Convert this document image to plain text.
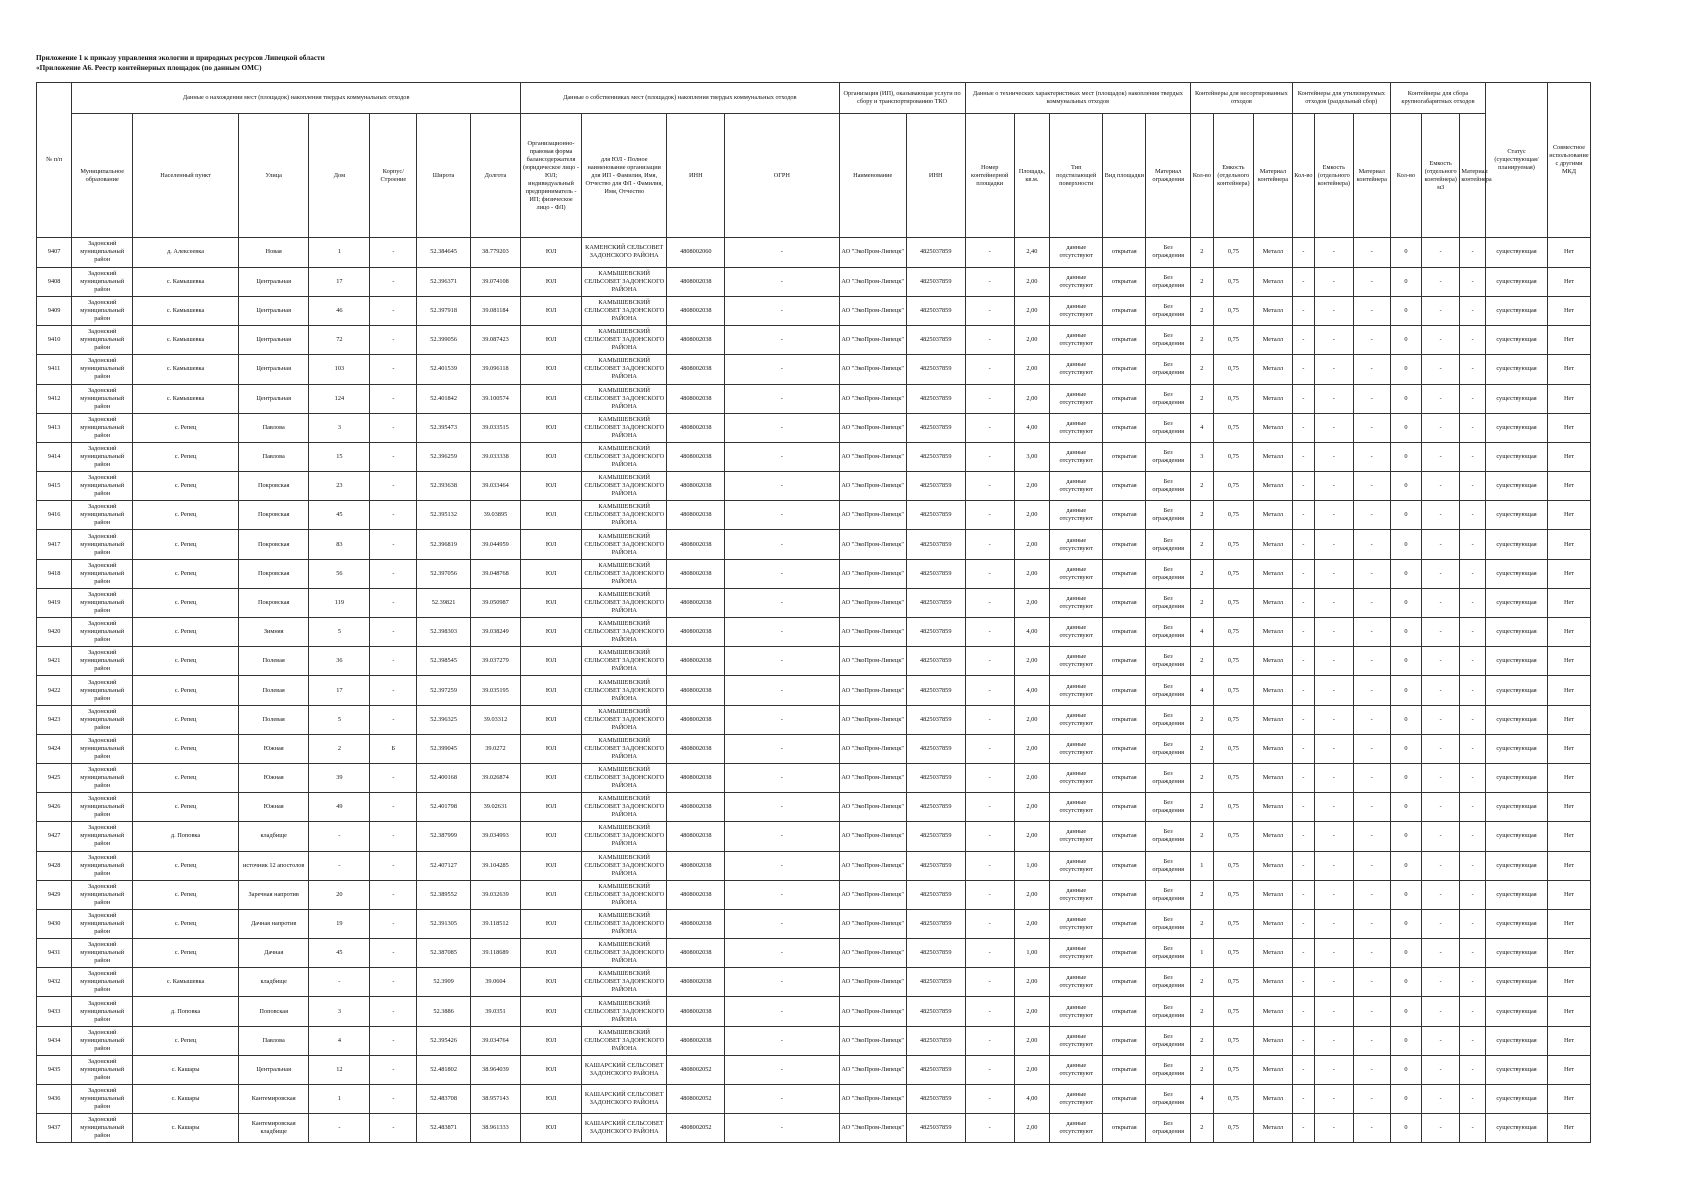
Приложение 1 к приказу управления экологии и природных ресурсов Липецкой области
«Приложение А6. Реестр контейнерных площадок (по данным ОМС)
№ п/п	Данные о нахождении мест (площадок) накопления твердых коммунальных отходов							Данные о собственниках мест (площадок) накопления твердых коммунальных отходов				Организация (ИП), оказывающая услуги по сбору и транспортированию ТКО		Данные о технических характеристиках мест (площадок) накопления твердых коммунальных отходов					Контейнеры для несортированных отходов			Контейнеры для утилизируемых отходов (раздельный сбор)			Контейнеры для сбора крупногабаритных отходов			Статус (существующая/планируемая)	Совместное использование с другими МКД
	Муниципальное образование	Населенный пункт	Улица	Дом	Корпус/Строение	Широта	Долгота	Организационно-правовая форма балансодержателя (юридическое лицо - ЮЛ; индивидуальный предприниматель - ИП; физическое лицо - ФЛ)	для ЮЛ - Полное наименование организации для ИП - Фамилия, Имя, Отчество для ФЛ - Фамилия, Имя, Отчество	ИНН	ОГРН	Наименование	ИНН	Номер контейнерной площадки	Площадь, кв.м.	Тип подстилающей поверхности	Вид площадки	Материал ограждения	Кол-во	Емкость (отдельного контейнера)	Материал контейнера	Кол-во	Емкость (отдельного контейнера)	Материал контейнера	Кол-во	Емкость (отдельного контейнера) м3	Материал контейнера		
9407	Задонский муниципальный район	д. Алексеевка	Новая	1	-	52.384645	38.779203	ЮЛ	КАМЕНСКИЙ СЕЛЬСОВЕТ ЗАДОНСКОГО РАЙОНА	4808002060	-	АО "ЭкоПром-Липецк"	4825037859	-	2,40	данные отсутствуют	открытая	Без ограждения	2	0,75	Металл	-	-	-	0	-	-	существующая	Нет
9408	Задонский муниципальный район	с. Камышевка	Центральная	17	-	52.396371	39.074108	ЮЛ	КАМЫШЕВСКИЙ СЕЛЬСОВЕТ ЗАДОНСКОГО РАЙОНА	4808002038	-	АО "ЭкоПром-Липецк"	4825037859	-	2,00	данные отсутствуют	открытая	Без ограждения	2	0,75	Металл	-	-	-	0	-	-	существующая	Нет
9409	Задонский муниципальный район	с. Камышевка	Центральная	46	-	52.397918	39.081184	ЮЛ	КАМЫШЕВСКИЙ СЕЛЬСОВЕТ ЗАДОНСКОГО РАЙОНА	4808002038	-	АО "ЭкоПром-Липецк"	4825037859	-	2,00	данные отсутствуют	открытая	Без ограждения	2	0,75	Металл	-	-	-	0	-	-	существующая	Нет
9410	Задонский муниципальный район	с. Камышевка	Центральная	72	-	52.399056	39.087423	ЮЛ	КАМЫШЕВСКИЙ СЕЛЬСОВЕТ ЗАДОНСКОГО РАЙОНА	4808002038	-	АО "ЭкоПром-Липецк"	4825037859	-	2,00	данные отсутствуют	открытая	Без ограждения	2	0,75	Металл	-	-	-	0	-	-	существующая	Нет
9411	Задонский муниципальный район	с. Камышевка	Центральная	103	-	52.401539	39.096118	ЮЛ	КАМЫШЕВСКИЙ СЕЛЬСОВЕТ ЗАДОНСКОГО РАЙОНА	4808002038	-	АО "ЭкоПром-Липецк"	4825037859	-	2,00	данные отсутствуют	открытая	Без ограждения	2	0,75	Металл	-	-	-	0	-	-	существующая	Нет
9412	Задонский муниципальный район	с. Камышевка	Центральная	124	-	52.401842	39.100574	ЮЛ	КАМЫШЕВСКИЙ СЕЛЬСОВЕТ ЗАДОНСКОГО РАЙОНА	4808002038	-	АО "ЭкоПром-Липецк"	4825037859	-	2,00	данные отсутствуют	открытая	Без ограждения	2	0,75	Металл	-	-	-	0	-	-	существующая	Нет
9413	Задонский муниципальный район	с. Репец	Павлова	3	-	52.395473	39.033515	ЮЛ	КАМЫШЕВСКИЙ СЕЛЬСОВЕТ ЗАДОНСКОГО РАЙОНА	4808002038	-	АО "ЭкоПром-Липецк"	4825037859	-	4,00	данные отсутствуют	открытая	Без ограждения	4	0,75	Металл	-	-	-	0	-	-	существующая	Нет
9414	Задонский муниципальный район	с. Репец	Павлова	15	-	52.396259	39.033338	ЮЛ	КАМЫШЕВСКИЙ СЕЛЬСОВЕТ ЗАДОНСКОГО РАЙОНА	4808002038	-	АО "ЭкоПром-Липецк"	4825037859	-	3,00	данные отсутствуют	открытая	Без ограждения	3	0,75	Металл	-	-	-	0	-	-	существующая	Нет
9415	Задонский муниципальный район	с. Репец	Покровская	23	-	52.393638	39.033464	ЮЛ	КАМЫШЕВСКИЙ СЕЛЬСОВЕТ ЗАДОНСКОГО РАЙОНА	4808002038	-	АО "ЭкоПром-Липецк"	4825037859	-	2,00	данные отсутствуют	открытая	Без ограждения	2	0,75	Металл	-	-	-	0	-	-	существующая	Нет
9416	Задонский муниципальный район	с. Репец	Покровская	45	-	52.395132	39.03895	ЮЛ	КАМЫШЕВСКИЙ СЕЛЬСОВЕТ ЗАДОНСКОГО РАЙОНА	4808002038	-	АО "ЭкоПром-Липецк"	4825037859	-	2,00	данные отсутствуют	открытая	Без ограждения	2	0,75	Металл	-	-	-	0	-	-	существующая	Нет
9417	Задонский муниципальный район	с. Репец	Покровская	83	-	52.396819	39.044959	ЮЛ	КАМЫШЕВСКИЙ СЕЛЬСОВЕТ ЗАДОНСКОГО РАЙОНА	4808002038	-	АО "ЭкоПром-Липецк"	4825037859	-	2,00	данные отсутствуют	открытая	Без ограждения	2	0,75	Металл	-	-	-	0	-	-	существующая	Нет
9418	Задонский муниципальный район	с. Репец	Покровская	56	-	52.397056	39.048768	ЮЛ	КАМЫШЕВСКИЙ СЕЛЬСОВЕТ ЗАДОНСКОГО РАЙОНА	4808002038	-	АО "ЭкоПром-Липецк"	4825037859	-	2,00	данные отсутствуют	открытая	Без ограждения	2	0,75	Металл	-	-	-	0	-	-	существующая	Нет
9419	Задонский муниципальный район	с. Репец	Покровская	119	-	52.39821	39.050987	ЮЛ	КАМЫШЕВСКИЙ СЕЛЬСОВЕТ ЗАДОНСКОГО РАЙОНА	4808002038	-	АО "ЭкоПром-Липецк"	4825037859	-	2,00	данные отсутствуют	открытая	Без ограждения	2	0,75	Металл	-	-	-	0	-	-	существующая	Нет
9420	Задонский муниципальный район	с. Репец	Зимняя	5	-	52.398303	39.038249	ЮЛ	КАМЫШЕВСКИЙ СЕЛЬСОВЕТ ЗАДОНСКОГО РАЙОНА	4808002038	-	АО "ЭкоПром-Липецк"	4825037859	-	4,00	данные отсутствуют	открытая	Без ограждения	4	0,75	Металл	-	-	-	0	-	-	существующая	Нет
9421	Задонский муниципальный район	с. Репец	Полевая	36	-	52.398545	39.037279	ЮЛ	КАМЫШЕВСКИЙ СЕЛЬСОВЕТ ЗАДОНСКОГО РАЙОНА	4808002038	-	АО "ЭкоПром-Липецк"	4825037859	-	2,00	данные отсутствуют	открытая	Без ограждения	2	0,75	Металл	-	-	-	0	-	-	существующая	Нет
9422	Задонский муниципальный район	с. Репец	Полевая	17	-	52.397259	39.035195	ЮЛ	КАМЫШЕВСКИЙ СЕЛЬСОВЕТ ЗАДОНСКОГО РАЙОНА	4808002038	-	АО "ЭкоПром-Липецк"	4825037859	-	4,00	данные отсутствуют	открытая	Без ограждения	4	0,75	Металл	-	-	-	0	-	-	существующая	Нет
9423	Задонский муниципальный район	с. Репец	Полевая	5	-	52.396325	39.03312	ЮЛ	КАМЫШЕВСКИЙ СЕЛЬСОВЕТ ЗАДОНСКОГО РАЙОНА	4808002038	-	АО "ЭкоПром-Липецк"	4825037859	-	2,00	данные отсутствуют	открытая	Без ограждения	2	0,75	Металл	-	-	-	0	-	-	существующая	Нет
9424	Задонский муниципальный район	с. Репец	Южная	2	Б	52.399045	39.0272	ЮЛ	КАМЫШЕВСКИЙ СЕЛЬСОВЕТ ЗАДОНСКОГО РАЙОНА	4808002038	-	АО "ЭкоПром-Липецк"	4825037859	-	2,00	данные отсутствуют	открытая	Без ограждения	2	0,75	Металл	-	-	-	0	-	-	существующая	Нет
9425	Задонский муниципальный район	с. Репец	Южная	39	-	52.400168	39.026874	ЮЛ	КАМЫШЕВСКИЙ СЕЛЬСОВЕТ ЗАДОНСКОГО РАЙОНА	4808002038	-	АО "ЭкоПром-Липецк"	4825037859	-	2,00	данные отсутствуют	открытая	Без ограждения	2	0,75	Металл	-	-	-	0	-	-	существующая	Нет
9426	Задонский муниципальный район	с. Репец	Южная	49	-	52.401798	39.02631	ЮЛ	КАМЫШЕВСКИЙ СЕЛЬСОВЕТ ЗАДОНСКОГО РАЙОНА	4808002038	-	АО "ЭкоПром-Липецк"	4825037859	-	2,00	данные отсутствуют	открытая	Без ограждения	2	0,75	Металл	-	-	-	0	-	-	существующая	Нет
9427	Задонский муниципальный район	д. Поповка	кладбище	-	-	52.387999	39.034993	ЮЛ	КАМЫШЕВСКИЙ СЕЛЬСОВЕТ ЗАДОНСКОГО РАЙОНА	4808002038	-	АО "ЭкоПром-Липецк"	4825037859	-	2,00	данные отсутствуют	открытая	Без ограждения	2	0,75	Металл	-	-	-	0	-	-	существующая	Нет
9428	Задонский муниципальный район	с. Репец	источник 12 апостолов	-	-	52.407127	39.104285	ЮЛ	КАМЫШЕВСКИЙ СЕЛЬСОВЕТ ЗАДОНСКОГО РАЙОНА	4808002038	-	АО "ЭкоПром-Липецк"	4825037859	-	1,00	данные отсутствуют	открытая	Без ограждения	1	0,75	Металл	-	-	-	0	-	-	существующая	Нет
9429	Задонский муниципальный район	с. Репец	Заречная напротив	20	-	52.389552	39.032639	ЮЛ	КАМЫШЕВСКИЙ СЕЛЬСОВЕТ ЗАДОНСКОГО РАЙОНА	4808002038	-	АО "ЭкоПром-Липецк"	4825037859	-	2,00	данные отсутствуют	открытая	Без ограждения	2	0,75	Металл	-	-	-	0	-	-	существующая	Нет
9430	Задонский муниципальный район	с. Репец	Дачная напротив	19	-	52.391305	39.118512	ЮЛ	КАМЫШЕВСКИЙ СЕЛЬСОВЕТ ЗАДОНСКОГО РАЙОНА	4808002038	-	АО "ЭкоПром-Липецк"	4825037859	-	2,00	данные отсутствуют	открытая	Без ограждения	2	0,75	Металл	-	-	-	0	-	-	существующая	Нет
9431	Задонский муниципальный район	с. Репец	Дачная	45	-	52.387085	39.118689	ЮЛ	КАМЫШЕВСКИЙ СЕЛЬСОВЕТ ЗАДОНСКОГО РАЙОНА	4808002038	-	АО "ЭкоПром-Липецк"	4825037859	-	1,00	данные отсутствуют	открытая	Без ограждения	1	0,75	Металл	-	-	-	0	-	-	существующая	Нет
9432	Задонский муниципальный район	с. Камышевка	кладбище	-	-	52.3909	39.0604	ЮЛ	КАМЫШЕВСКИЙ СЕЛЬСОВЕТ ЗАДОНСКОГО РАЙОНА	4808002038	-	АО "ЭкоПром-Липецк"	4825037859	-	2,00	данные отсутствуют	открытая	Без ограждения	2	0,75	Металл	-	-	-	0	-	-	существующая	Нет
9433	Задонский муниципальный район	д. Поповка	Поповская	3	-	52.3886	39.0351	ЮЛ	КАМЫШЕВСКИЙ СЕЛЬСОВЕТ ЗАДОНСКОГО РАЙОНА	4808002038	-	АО "ЭкоПром-Липецк"	4825037859	-	2,00	данные отсутствуют	открытая	Без ограждения	2	0,75	Металл	-	-	-	0	-	-	существующая	Нет
9434	Задонский муниципальный район	с. Репец	Павлова	4	-	52.395426	39.034764	ЮЛ	КАМЫШЕВСКИЙ СЕЛЬСОВЕТ ЗАДОНСКОГО РАЙОНА	4808002038	-	АО "ЭкоПром-Липецк"	4825037859	-	2,00	данные отсутствуют	открытая	Без ограждения	2	0,75	Металл	-	-	-	0	-	-	существующая	Нет
9435	Задонский муниципальный район	с. Кашары	Центральная	12	-	52.481802	38.964039	ЮЛ	КАШАРСКИЙ СЕЛЬСОВЕТ ЗАДОНСКОГО РАЙОНА	4808002052	-	АО "ЭкоПром-Липецк"	4825037859	-	2,00	данные отсутствуют	открытая	Без ограждения	2	0,75	Металл	-	-	-	0	-	-	существующая	Нет
9436	Задонский муниципальный район	с. Кашары	Кантемировская	1	-	52.483708	38.957143	ЮЛ	КАШАРСКИЙ СЕЛЬСОВЕТ ЗАДОНСКОГО РАЙОНА	4808002052	-	АО "ЭкоПром-Липецк"	4825037859	-	4,00	данные отсутствуют	открытая	Без ограждения	4	0,75	Металл	-	-	-	0	-	-	существующая	Нет
9437	Задонский муниципальный район	с. Кашары	Кантемировская кладбище	-	-	52.483871	38.961333	ЮЛ	КАШАРСКИЙ СЕЛЬСОВЕТ ЗАДОНСКОГО РАЙОНА	4808002052	-	АО "ЭкоПром-Липецк"	4825037859	-	2,00	данные отсутствуют	открытая	Без ограждения	2	0,75	Металл	-	-	-	0	-	-	существующая	Нет
